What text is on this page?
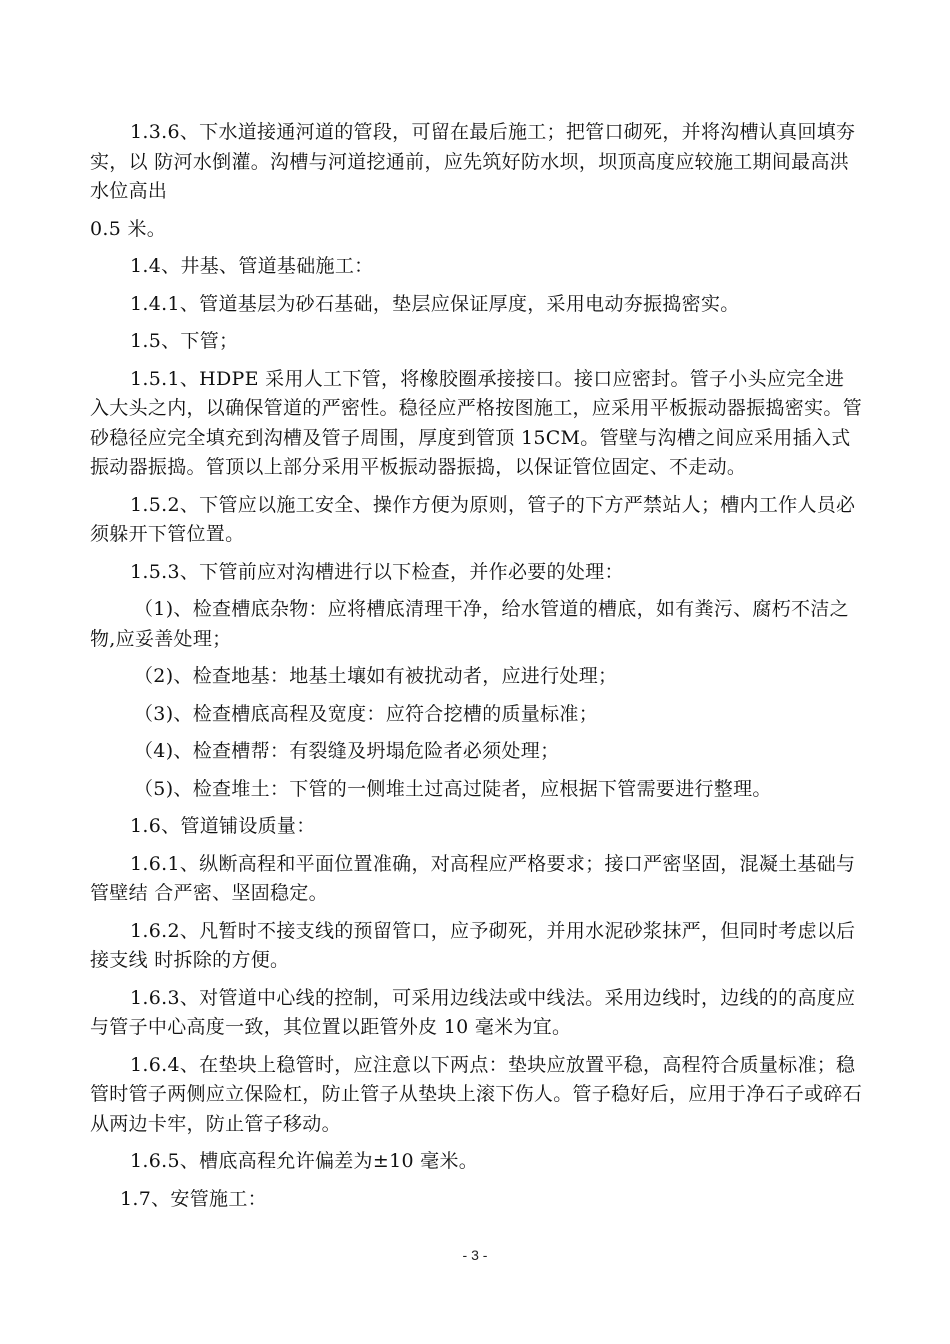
1.3.6、下水道接通河道的管段，可留在最后施工；把管口砌死，并将沟槽认真回填夯实，以 防河水倒灌。沟槽与河道挖通前，应先筑好防水坝，坝顶高度应较施工期间最高洪水位高出

0.5 米。

1.4、井基、管道基础施工：

1.4.1、管道基层为砂石基础，垫层应保证厚度，采用电动夯振捣密实。

1.5、下管；

1.5.1、HDPE 采用人工下管，将橡胶圈承接接口。接口应密封。管子小头应完全进入大头之内，以确保管道的严密性。稳径应严格按图施工，应采用平板振动器振捣密实。管砂稳径应完全填充到沟槽及管子周围，厚度到管顶 15CM。管壁与沟槽之间应采用插入式振动器振捣。管顶以上部分采用平板振动器振捣，以保证管位固定、不走动。

1.5.2、下管应以施工安全、操作方便为原则，管子的下方严禁站人；槽内工作人员必须躲开下管位置。

1.5.3、下管前应对沟槽进行以下检查，并作必要的处理：

（1)、检查槽底杂物：应将槽底清理干净，给水管道的槽底，如有粪污、腐朽不洁之物,应妥善处理；

（2)、检查地基：地基土壤如有被扰动者，应进行处理；

（3)、检查槽底高程及宽度：应符合挖槽的质量标准；

（4)、检查槽帮：有裂缝及坍塌危险者必须处理；

（5)、检查堆土：下管的一侧堆土过高过陡者，应根据下管需要进行整理。

1.6、管道铺设质量：

1.6.1、纵断高程和平面位置准确，对高程应严格要求；接口严密坚固，混凝土基础与管壁结 合严密、坚固稳定。

1.6.2、凡暂时不接支线的预留管口，应予砌死，并用水泥砂浆抹严，但同时考虑以后接支线 时拆除的方便。

1.6.3、对管道中心线的控制，可采用边线法或中线法。采用边线时，边线的的高度应与管子中心高度一致，其位置以距管外皮 10 毫米为宜。

1.6.4、在垫块上稳管时，应注意以下两点：垫块应放置平稳，高程符合质量标准；稳管时管子两侧应立保险杠，防止管子从垫块上滚下伤人。管子稳好后，应用于净石子或碎石从两边卡牢，防止管子移动。

1.6.5、槽底高程允许偏差为±10 毫米。

1.7、安管施工：

- 3 -
